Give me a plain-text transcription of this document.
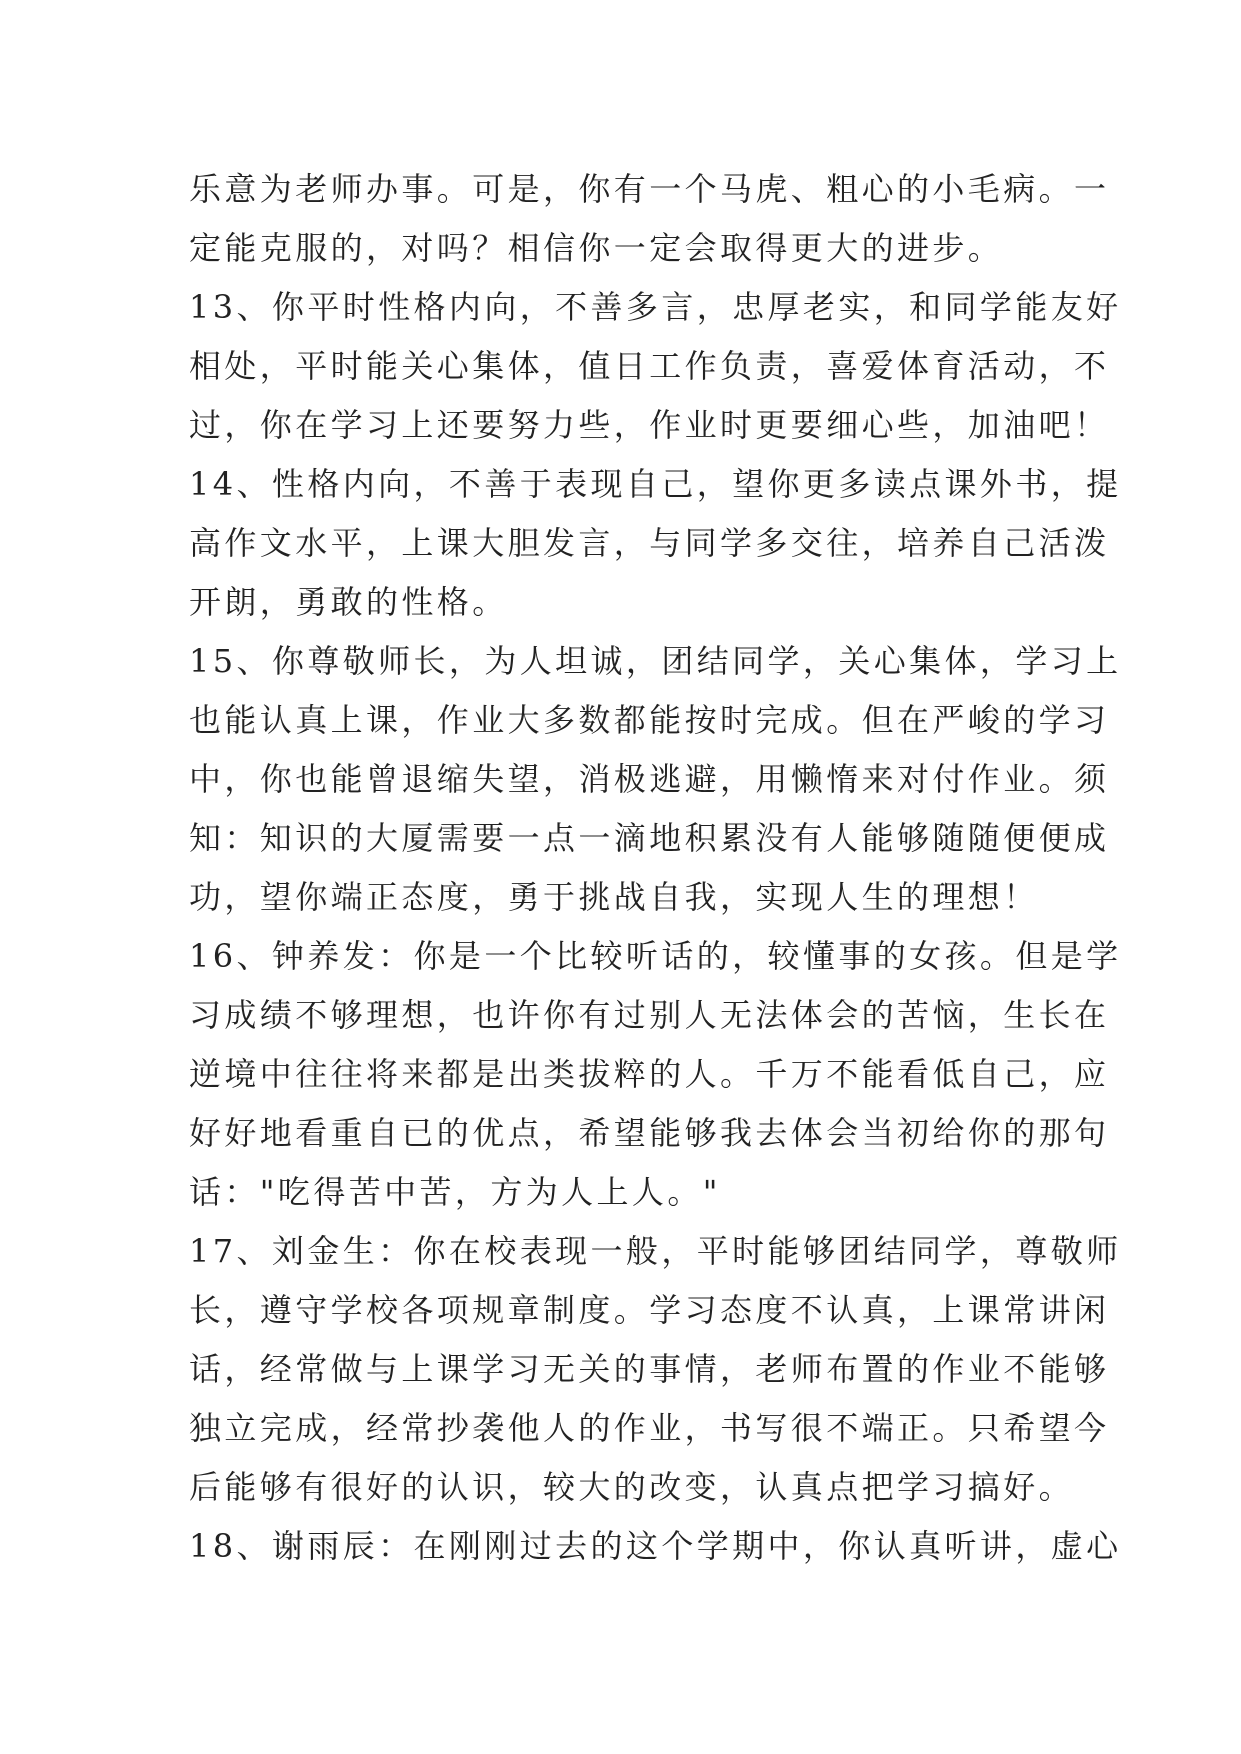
乐意为老师办事。可是，你有一个马虎、粗心的小毛病。一
定能克服的，对吗？相信你一定会取得更大的进步。
13、你平时性格内向，不善多言，忠厚老实，和同学能友好
相处，平时能关心集体，值日工作负责，喜爱体育活动，不
过，你在学习上还要努力些，作业时更要细心些，加油吧！
14、性格内向，不善于表现自己，望你更多读点课外书，提
高作文水平，上课大胆发言，与同学多交往，培养自己活泼
开朗，勇敢的性格。
15、你尊敬师长，为人坦诚，团结同学，关心集体，学习上
也能认真上课，作业大多数都能按时完成。但在严峻的学习
中，你也能曾退缩失望，消极逃避，用懒惰来对付作业。须
知：知识的大厦需要一点一滴地积累没有人能够随随便便成
功，望你端正态度，勇于挑战自我，实现人生的理想！
16、钟养发：你是一个比较听话的，较懂事的女孩。但是学
习成绩不够理想，也许你有过别人无法体会的苦恼，生长在
逆境中往往将来都是出类拔粹的人。千万不能看低自己，应
好好地看重自已的优点，希望能够我去体会当初给你的那句
话："吃得苦中苦，方为人上人。"
17、刘金生：你在校表现一般，平时能够团结同学，尊敬师
长，遵守学校各项规章制度。学习态度不认真，上课常讲闲
话，经常做与上课学习无关的事情，老师布置的作业不能够
独立完成，经常抄袭他人的作业，书写很不端正。只希望今
后能够有很好的认识，较大的改变，认真点把学习搞好。
18、谢雨辰：在刚刚过去的这个学期中，你认真听讲，虚心
